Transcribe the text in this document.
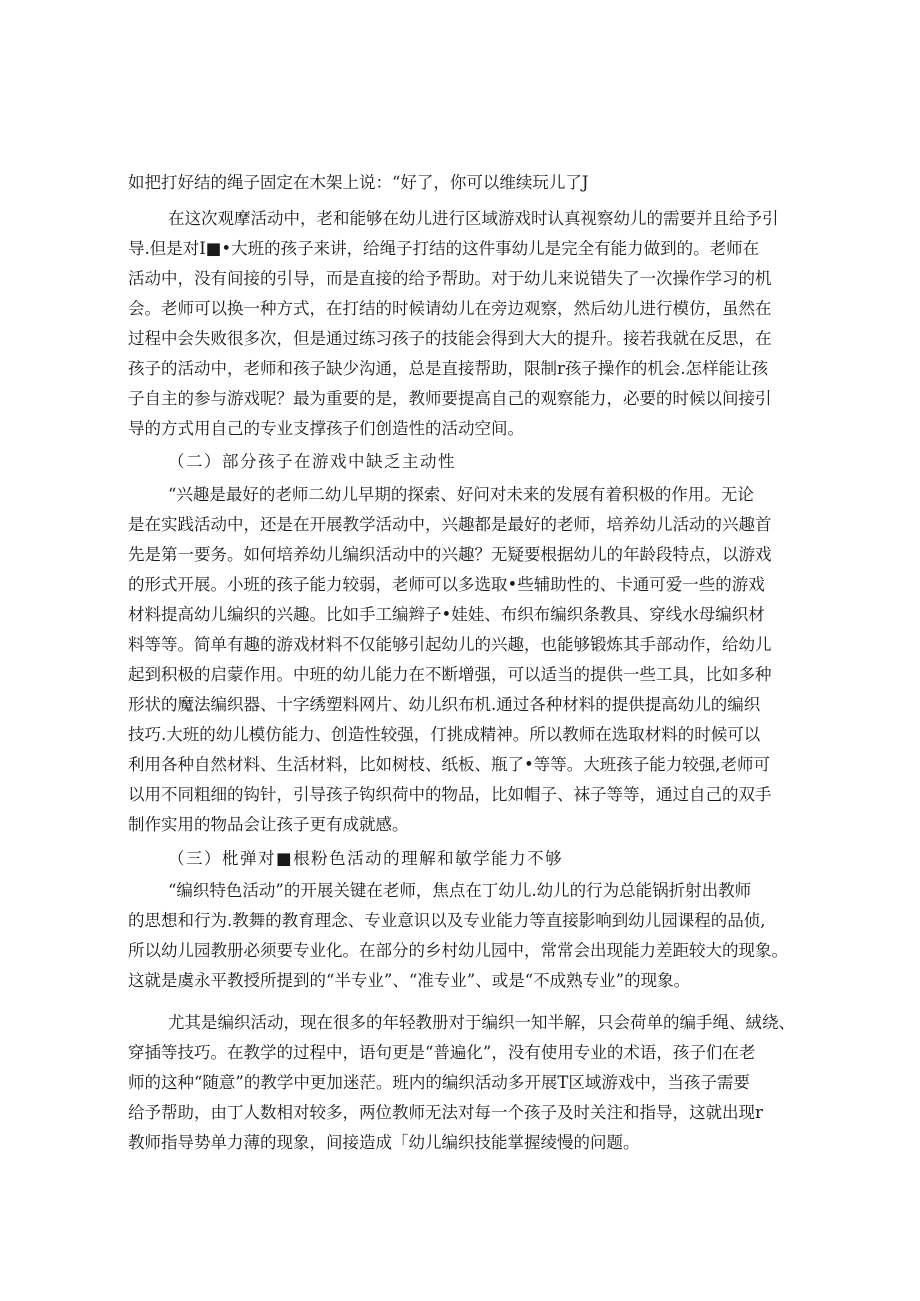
如把打好结的绳子固定在木架上说：“好了，你可以维续玩儿了J
在这次观摩活动中，老和能够在幼儿进行区域游戏时认真视察幼儿的需要并且给予引
导.但是对I■•大班的孩子来讲，给绳子打结的这件事幼儿是完全有能力做到的。老师在
活动中，没有间接的引导，而是直接的给予帮助。对于幼儿来说错失了一次操作学习的机
会。老师可以换一种方式，在打结的时候请幼儿在旁边观察，然后幼儿进行模仿，虽然在
过程中会失败很多次，但是通过练习孩子的技能会得到大大的提升。接若我就在反思，在
孩子的活动中，老师和孩子缺少沟通，总是直接帮助，限制r孩子操作的机会.怎样能让孩
子自主的参与游戏呢？最为重要的是，教师要提高自己的观察能力，必要的时候以间接引
导的方式用自己的专业支撑孩子们创造性的活动空间。
（二）部分孩子在游戏中缺乏主动性
“兴趣是最好的老师二幼儿早期的探索、好问对未来的发展有着积极的作用。无论
是在实践活动中，还是在开展教学活动中，兴趣都是最好的老师，培养幼儿活动的兴趣首
先是第一要务。如何培养幼儿编织活动中的兴趣？无疑要根据幼儿的年龄段特点，以游戏
的形式开展。小班的孩子能力较弱，老师可以多选取•些辅助性的、卡通可爱一些的游戏
材料提高幼儿编织的兴趣。比如手工编辫子•娃娃、布织布编织条教具、穿线水母编织材
料等等。简单有趣的游戏材料不仅能够引起幼儿的兴趣，也能够锻炼其手部动作，给幼儿
起到积极的启蒙作用。中班的幼儿能力在不断增强，可以适当的提供一些工具，比如多种
形状的魔法编织器、十字绣塑料网片、幼儿织布机.通过各种材料的提供提高幼儿的编织
技巧.大班的幼儿模仿能力、创造性较强，仃挑成精神。所以教师在选取材料的时候可以
利用各种自然材料、生活材料，比如树枝、纸板、瓶了•等等。大班孩子能力较强,老师可
以用不同粗细的钩针，引导孩子钩织荷中的物品，比如帽子、袜子等等，通过自己的双手
制作实用的物品会让孩子更有成就感。
（三）枇弹对■根粉色活动的理解和敏学能力不够
“编织特色活动”的开展关键在老师，焦点在丁幼儿.幼儿的行为总能锅折射出教师
的思想和行为.教舞的教育理念、专业意识以及专业能力等直接影响到幼儿园课程的品侦,
所以幼儿园教册必须要专业化。在部分的乡村幼儿园中，常常会出现能力差距较大的现象。
这就是虞永平教授所提到的“半专业”、“准专业”、或是“不成熟专业”的现象。
尤其是编织活动，现在很多的年轻教册对于编织一知半解，只会荷单的编手绳、絨绕、
穿插等技巧。在教学的过程中，语句更是“普遍化”，没有使用专业的术语，孩子们在老
师的这种“随意”的教学中更加迷茫。班内的编织活动多开展T区域游戏中，当孩子需要
给予帮助，由丁人数相对较多，两位教师无法对每一个孩子及时关注和指导，这就出现r
教师指导势单力薄的现象，间接造成「幼儿编织技能掌握绫慢的问题。
